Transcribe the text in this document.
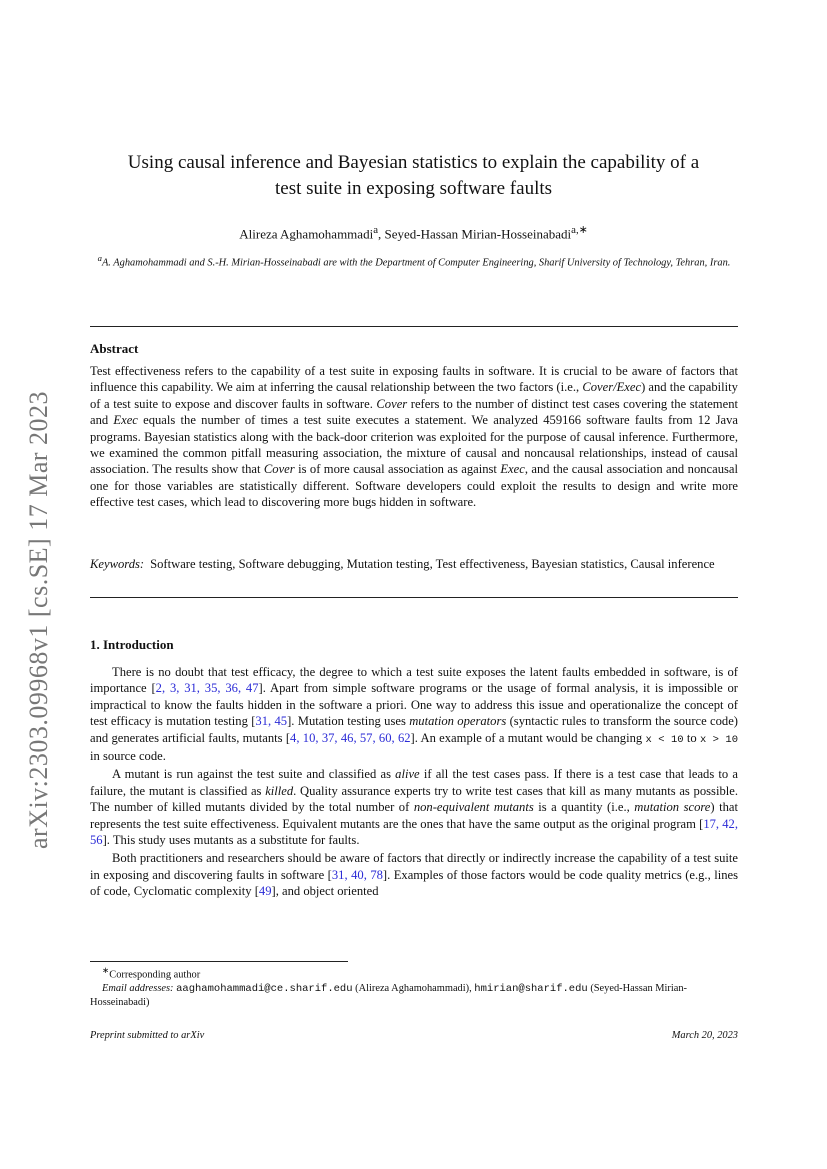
arXiv:2303.09968v1 [cs.SE] 17 Mar 2023
Using causal inference and Bayesian statistics to explain the capability of a
test suite in exposing software faults
Alireza Aghamohammadi$^a$, Seyed-Hassan Mirian-Hosseinabadi$^{a,∗}$
$^a$A. Aghamohammadi and S.-H. Mirian-Hosseinabadi are with the Department of Computer Engineering, Sharif University of Technology, Tehran, Iran.
Abstract

Test effectiveness refers to the capability of a test suite in exposing faults in software. It is crucial to be aware of factors that influence this capability. We aim at inferring the causal relationship between the two factors (i.e., Cover/Exec) and the capability of a test suite to expose and discover faults in software. Cover refers to the number of distinct test cases covering the statement and Exec equals the number of times a test suite executes a statement. We analyzed 459166 software faults from 12 Java programs. Bayesian statistics along with the back-door criterion was exploited for the purpose of causal inference. Furthermore, we examined the common pitfall measuring association, the mixture of causal and noncausal relationships, instead of causal association. The results show that Cover is of more causal association as against Exec, and the causal association and noncausal one for those variables are statistically different. Software developers could exploit the results to design and write more effective test cases, which lead to discovering more bugs hidden in software.

Keywords: Software testing, Software debugging, Mutation testing, Test effectiveness, Bayesian statistics, Causal inference

1. Introduction

There is no doubt that test efficacy, the degree to which a test suite exposes the latent faults embedded in software, is of importance [2, 3, 31, 35, 36, 47]. Apart from simple software programs or the usage of formal analysis, it is impossible or impractical to know the faults hidden in the software a priori. One way to address this issue and operationalize the concept of test efficacy is mutation testing [31, 45]. Mutation testing uses mutation operators (syntactic rules to transform the source code) and generates artificial faults, mutants [4, 10, 37, 46, 57, 60, 62]. An example of a mutant would be changing x < 10 to x > 10 in source code.

A mutant is run against the test suite and classified as alive if all the test cases pass. If there is a test case that leads to a failure, the mutant is classified as killed. Quality assurance experts try to write test cases that kill as many mutants as possible. The number of killed mutants divided by the total number of non-equivalent mutants is a quantity (i.e., mutation score) that represents the test suite effectiveness. Equivalent mutants are the ones that have the same output as the original program [17, 42, 56]. This study uses mutants as a substitute for faults.

Both practitioners and researchers should be aware of factors that directly or indirectly increase the capability of a test suite in exposing and discovering faults in software [31, 40, 78]. Examples of those factors would be code quality metrics (e.g., lines of code, Cyclomatic complexity [49], and object oriented

∗Corresponding author

Email addresses: aaghamohammadi@ce.sharif.edu (Alireza Aghamohammadi), hmirian@sharif.edu (Seyed-Hassan Mirian-Hosseinabadi)

Preprint submitted to arXiv	March 20, 2023
